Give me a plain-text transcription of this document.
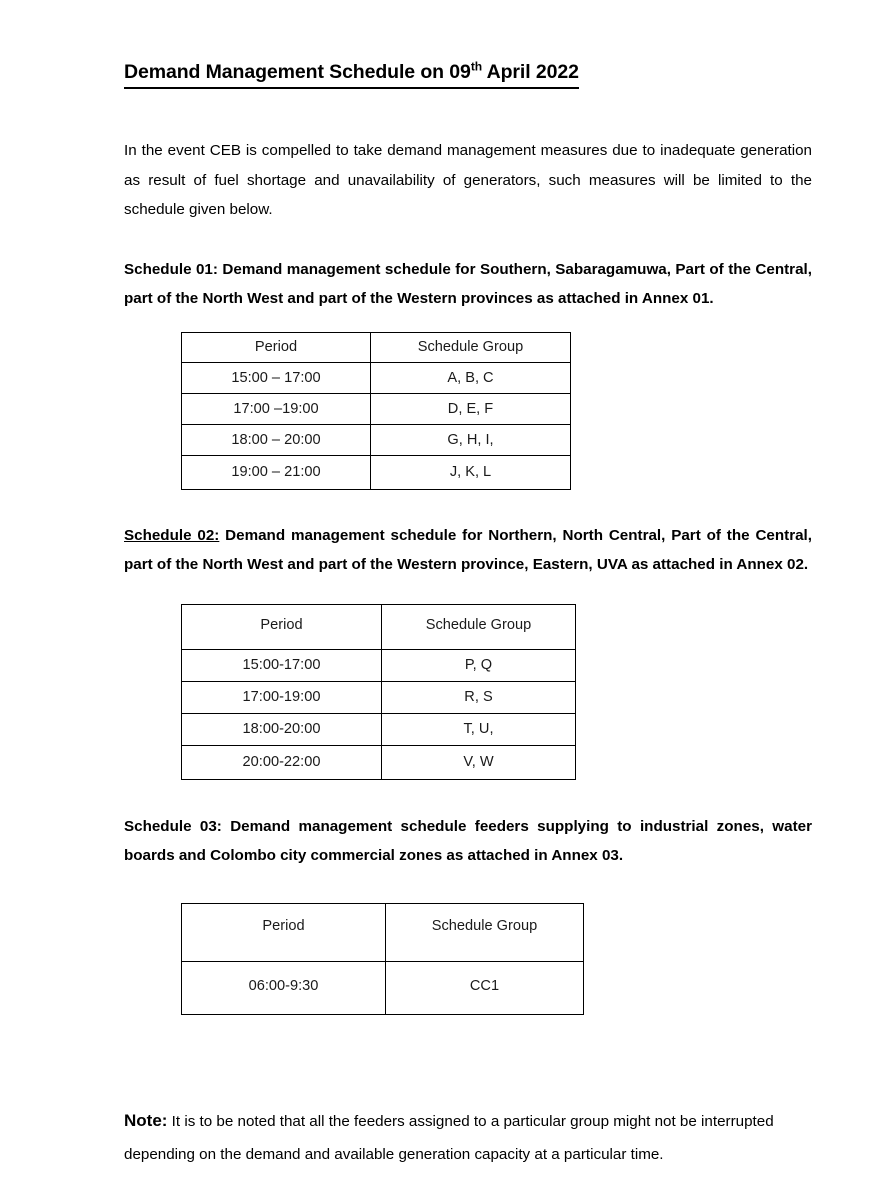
Demand Management Schedule on 09th April 2022

In the event CEB is compelled to take demand management measures due to inadequate generation as result of fuel shortage and unavailability of generators, such measures will be limited to the schedule given below.

Schedule 01: Demand management schedule for Southern, Sabaragamuwa, Part of the Central, part of the North West and part of the Western provinces as attached in Annex 01.

Period	Schedule Group
15:00 – 17:00	A, B, C
17:00 –19:00	D, E, F
18:00 – 20:00	G, H, I,
19:00 – 21:00	J, K, L

Schedule 02: Demand management schedule for Northern, North Central, Part of the Central, part of the North West and part of the Western province, Eastern, UVA as attached in Annex 02.

Period	Schedule Group
15:00-17:00	P, Q
17:00-19:00	R, S
18:00-20:00	T, U,
20:00-22:00	V, W

Schedule 03: Demand management schedule feeders supplying to industrial zones, water boards and Colombo city commercial zones as attached in Annex 03.

Period	Schedule Group
06:00-9:30	CC1

Note: It is to be noted that all the feeders assigned to a particular group might not be interrupted depending on the demand and available generation capacity at a particular time.
